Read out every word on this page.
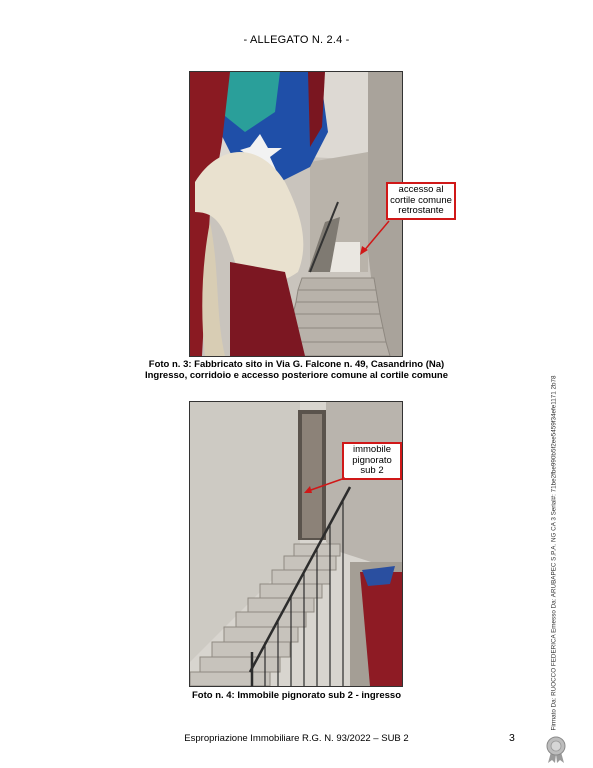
- ALLEGATO N. 2.4 -
accesso al
cortile comune
retrostante
Foto n. 3: Fabbricato sito in Via G. Falcone n. 49, Casandrino (Na)
Ingresso, corridoio e accesso posteriore comune al cortile comune
immobile
pignorato
sub 2
Foto n. 4: Immobile pignorato sub 2 - ingresso
Espropriazione Immobiliare R.G. N. 93/2022 – SUB 2	3
Firmato Da: RUOCCO FEDERICA Emesso Da: ARUBAPEC S.P.A. NG CA 3 Serial#: 71be2fbe990b5f2ee5459f34efe1171 2b78
